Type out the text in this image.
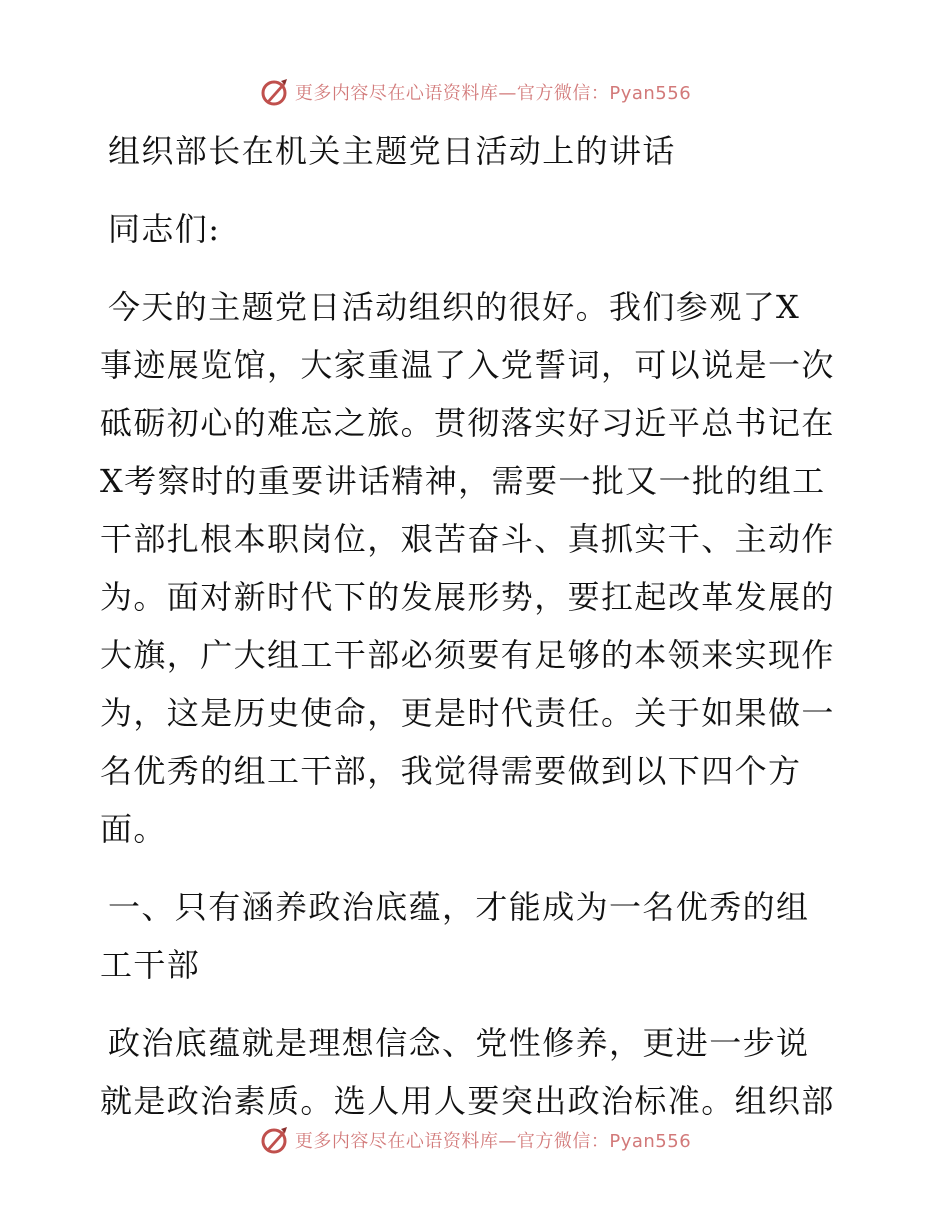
更多内容尽在心语资料库—官方微信：Pyan556
组织部长在机关主题党日活动上的讲话
同志们:
今天的主题党日活动组织的很好。我们参观了X
事迹展览馆，大家重温了入党誓词，可以说是一次
砥砺初心的难忘之旅。贯彻落实好习近平总书记在
X考察时的重要讲话精神，需要一批又一批的组工
干部扎根本职岗位，艰苦奋斗、真抓实干、主动作
为。面对新时代下的发展形势，要扛起改革发展的
大旗，广大组工干部必须要有足够的本领来实现作
为，这是历史使命，更是时代责任。关于如果做一
名优秀的组工干部，我觉得需要做到以下四个方
面。
一、只有涵养政治底蕴，才能成为一名优秀的组
工干部
政治底蕴就是理想信念、党性修养，更进一步说
就是政治素质。选人用人要突出政治标准。组织部
更多内容尽在心语资料库—官方微信：Pyan556
